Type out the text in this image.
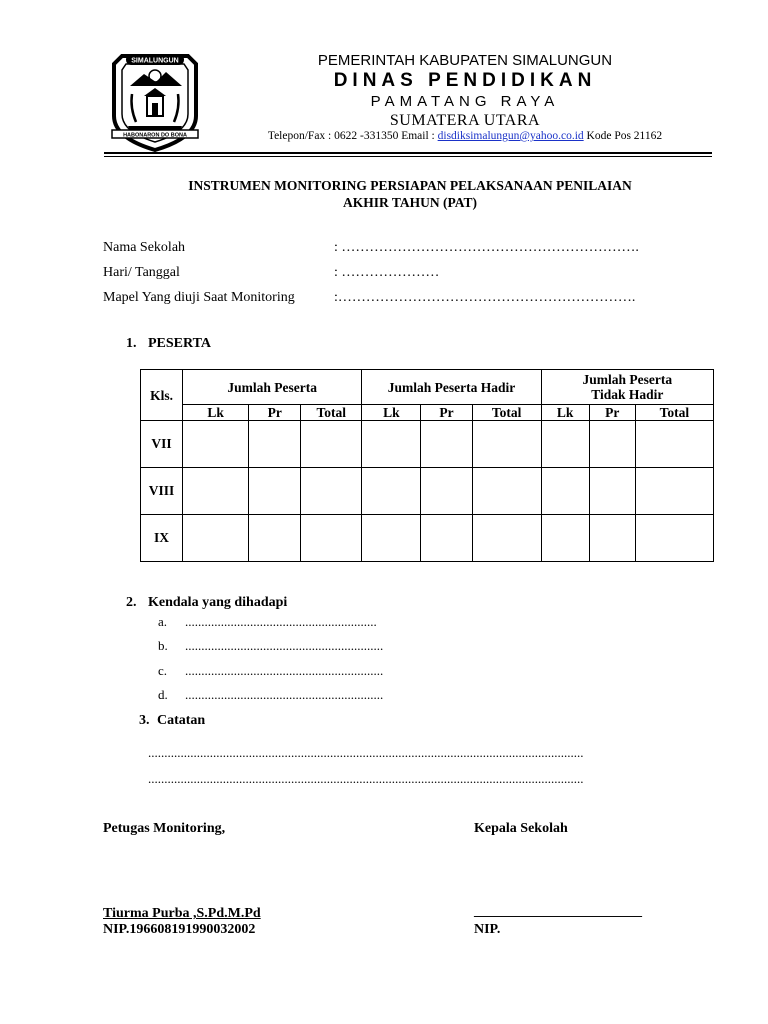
SIMALUNGUN
HABONARON DO BONA
PEMERINTAH KABUPATEN SIMALUNGUN
DINAS PENDIDIKAN
PAMATANG RAYA
SUMATERA UTARA
Telepon/Fax : 0622 -331350 Email : disdiksimalungun@yahoo.co.id Kode Pos 21162
INSTRUMEN MONITORING PERSIAPAN PELAKSANAAN PENILAIAN
AKHIR TAHUN (PAT)
Nama Sekolah	: ……………………………………………………….
Hari/ Tanggal	: …………………
Mapel Yang diuji Saat Monitoring	:……………………………………………………….
1. PESERTA
Kls.	Jumlah Peserta			Jumlah Peserta Hadir			Jumlah Peserta
Tidak Hadir		
	Lk	Pr	Total	Lk	Pr	Total	Lk	Pr	Total
VII									
VIII									
IX									
2. Kendala yang dihadapi
a. ...........................................................
b. .............................................................
c. .............................................................
d. .............................................................
3. Catatan
......................................................................................................................................
......................................................................................................................................
Petugas Monitoring,	Kepala Sekolah
Tiurma Purba ,S.Pd.M.Pd	________________________
NIP.196608191990032002	NIP.
